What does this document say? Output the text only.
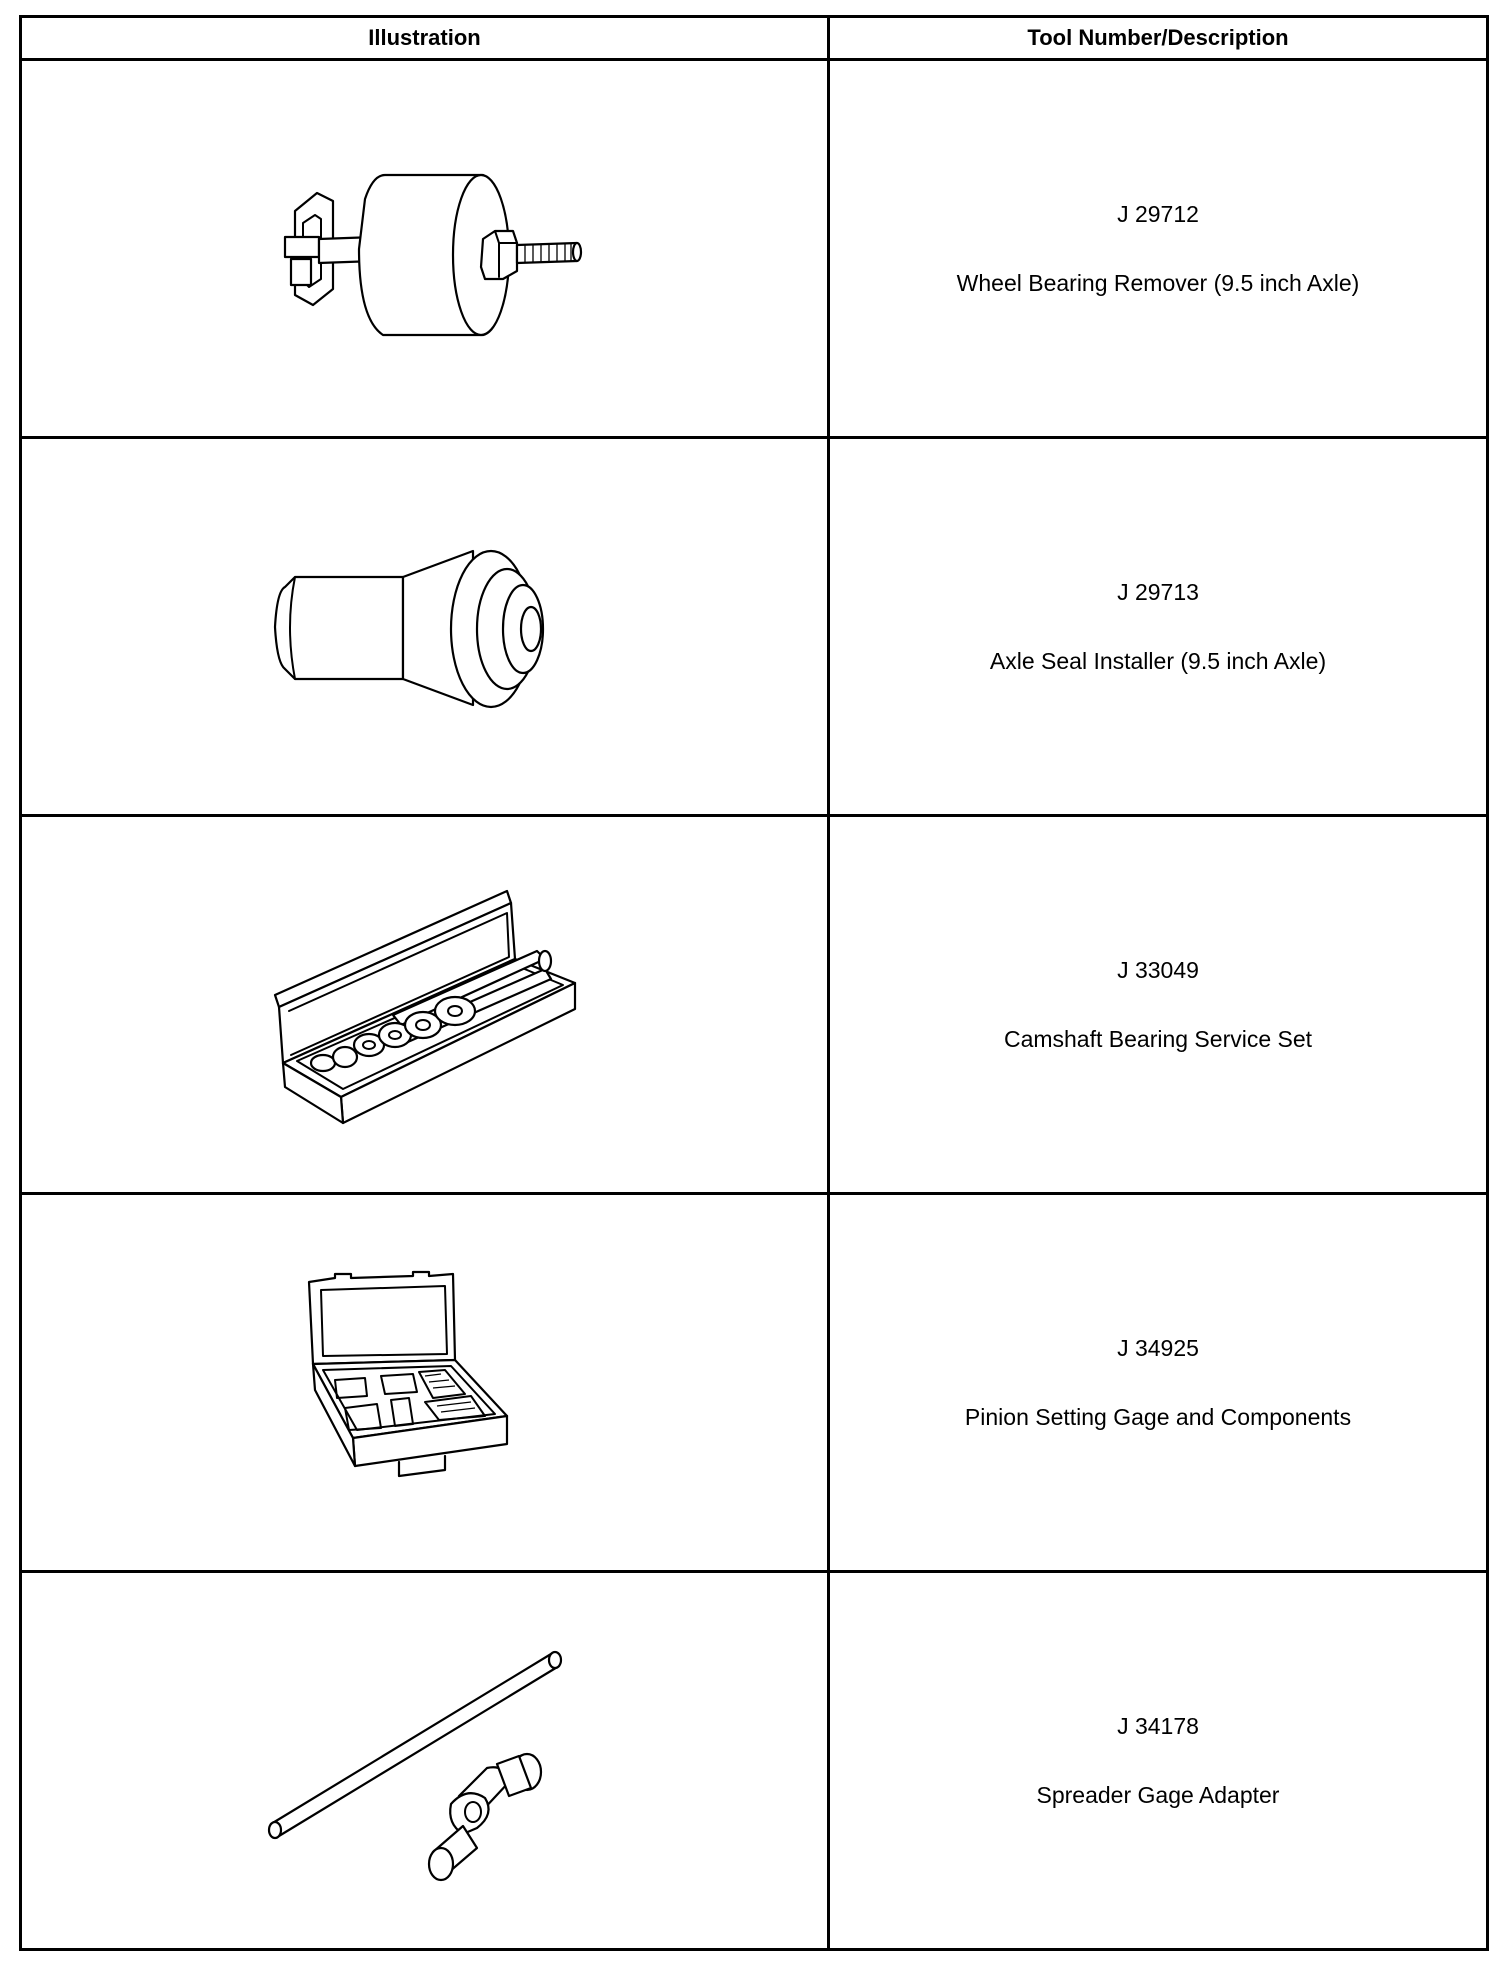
Illustration	Tool Number/Description

J 29712
Wheel Bearing Remover (9.5 inch Axle)

J 29713
Axle Seal Installer (9.5 inch Axle)

J 33049
Camshaft Bearing Service Set

J 34925
Pinion Setting Gage and Components

J 34178
Spreader Gage Adapter
